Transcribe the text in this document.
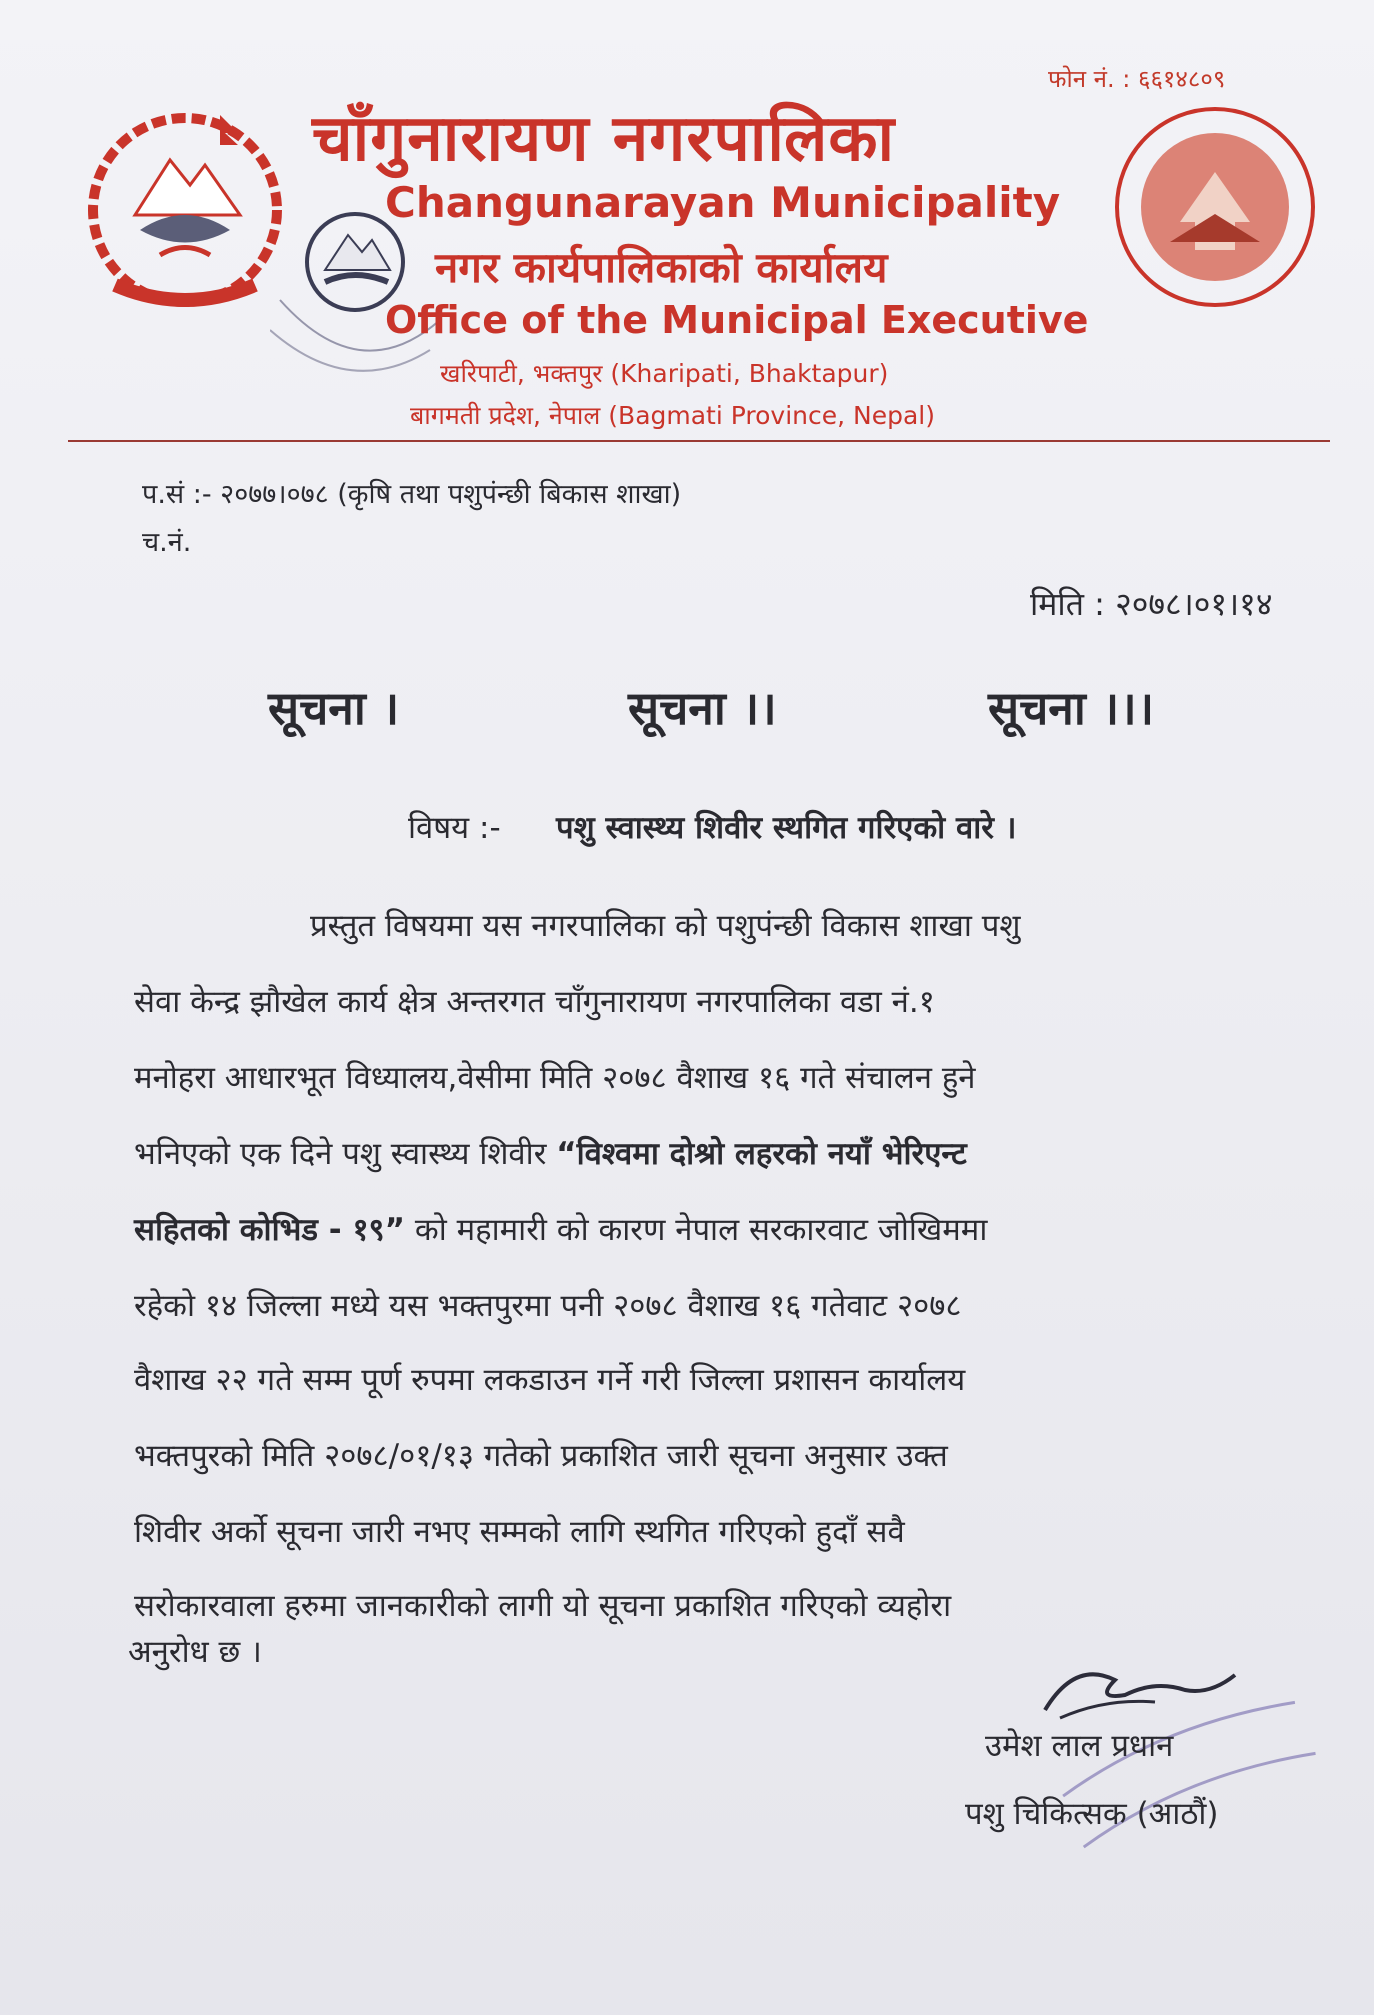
फोन नं. : ६६१४८०९
चाँगुनारायण नगरपालिका
Changunarayan Municipality
नगर कार्यपालिकाको कार्यालय
Office of the Municipal Executive
खरिपाटी, भक्तपुर (Kharipati, Bhaktapur)
बागमती प्रदेश, नेपाल (Bagmati Province, Nepal)
प.सं :- २०७७।०७८ (कृषि तथा पशुपंन्छी बिकास शाखा)
च.नं.
मिति : २०७८।०१।१४
सूचना ।	सूचना ।।	सूचना ।।।
विषय :- पशु स्वास्थ्य शिवीर स्थगित गरिएको वारे ।
प्रस्तुत विषयमा यस नगरपालिका को पशुपंन्छी विकास शाखा पशु
सेवा केन्द्र झौखेल कार्य क्षेत्र अन्तरगत चाँगुनारायण नगरपालिका वडा नं.१
मनोहरा आधारभूत विध्यालय,वेसीमा मिति २०७८ वैशाख १६ गते संचालन हुने
भनिएको एक दिने पशु स्वास्थ्य शिवीर “विश्वमा दोश्रो लहरको नयाँ भेरिएन्ट
सहितको कोभिड - १९” को महामारी को कारण नेपाल सरकारवाट जोखिममा
रहेको १४ जिल्ला मध्ये यस भक्तपुरमा पनी २०७८ वैशाख १६ गतेवाट २०७८
वैशाख २२ गते सम्म पूर्ण रुपमा लकडाउन गर्ने गरी जिल्ला प्रशासन कार्यालय
भक्तपुरको मिति २०७८/०१/१३ गतेको प्रकाशित जारी सूचना अनुसार उक्त
शिवीर अर्को सूचना जारी नभए सम्मको लागि स्थगित गरिएको हुदाँ सवै
सरोकारवाला हरुमा जानकारीको लागी यो सूचना प्रकाशित गरिएको व्यहोरा
अनुरोध छ ।
उमेश लाल प्रधान
पशु चिकित्सक (आठौं)
